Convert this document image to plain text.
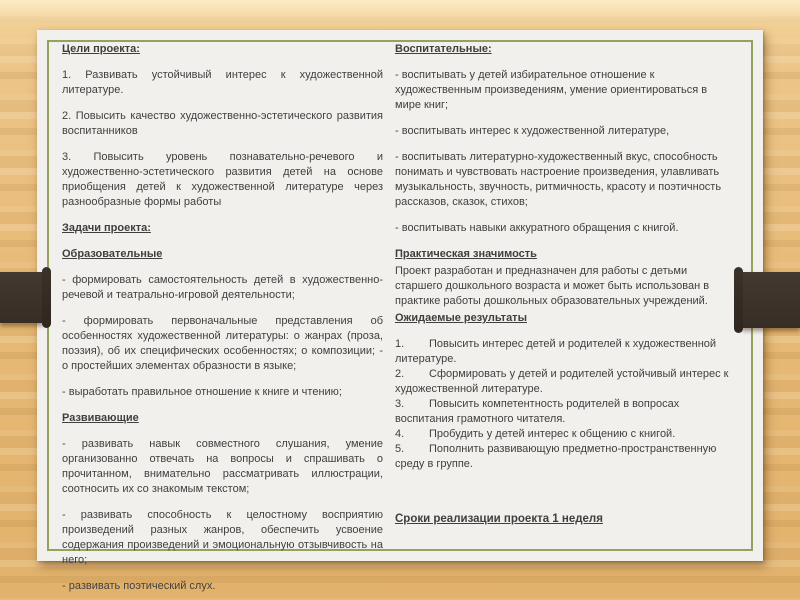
Цели проекта:

1. Развивать устойчивый интерес к художественной литературе.

2. Повысить качество художественно-эстетического развития воспитанников

3. Повысить уровень познавательно-речевого и художественно-эстетического развития детей на основе приобщения детей к художественной литературе через разнообразные формы работы

Задачи проекта:

Образовательные

- формировать самостоятельность детей в художественно-речевой и театрально-игровой деятельности;

- формировать первоначальные представления об особенностях художественной литературы: о жанрах (проза, поэзия), об их специфических особенностях; о композиции; - о простейших элементах образности в языке;

- выработать правильное отношение к книге и чтению;

Развивающие

- развивать навык совместного слушания, умение организованно отвечать на вопросы и спрашивать о прочитанном, внимательно рассматривать иллюстрации, соотносить их со знакомым текстом;

- развивать способность к целостному восприятию произведений разных жанров, обеспечить усвоение содержания произведений и эмоциональную отзывчивость на него;

- развивать поэтический слух.

Воспитательные:

- воспитывать у детей избирательное отношение к художественным произведениям, умение ориентироваться в мире книг;

- воспитывать интерес к художественной литературе,

- воспитывать литературно-художественный вкус, способность понимать и чувствовать настроение произведения, улавливать музыкальность, звучность, ритмичность, красоту и поэтичность рассказов, сказок, стихов;

- воспитывать навыки аккуратного обращения с книгой.

Практическая значимость

Проект разработан и предназначен для работы с детьми старшего дошкольного возраста и может быть использован в практике работы дошкольных образовательных учреждений.

Ожидаемые результаты

1. Повысить интерес детей и родителей к художественной литературе.

2. Сформировать у детей и родителей устойчивый интерес к художественной литературе.

3. Повысить компетентность родителей в вопросах воспитания грамотного читателя.

4. Пробудить у детей интерес к общению с книгой.

5. Пополнить развивающую предметно-пространственную среду в группе.

Сроки реализации проекта 1 неделя
